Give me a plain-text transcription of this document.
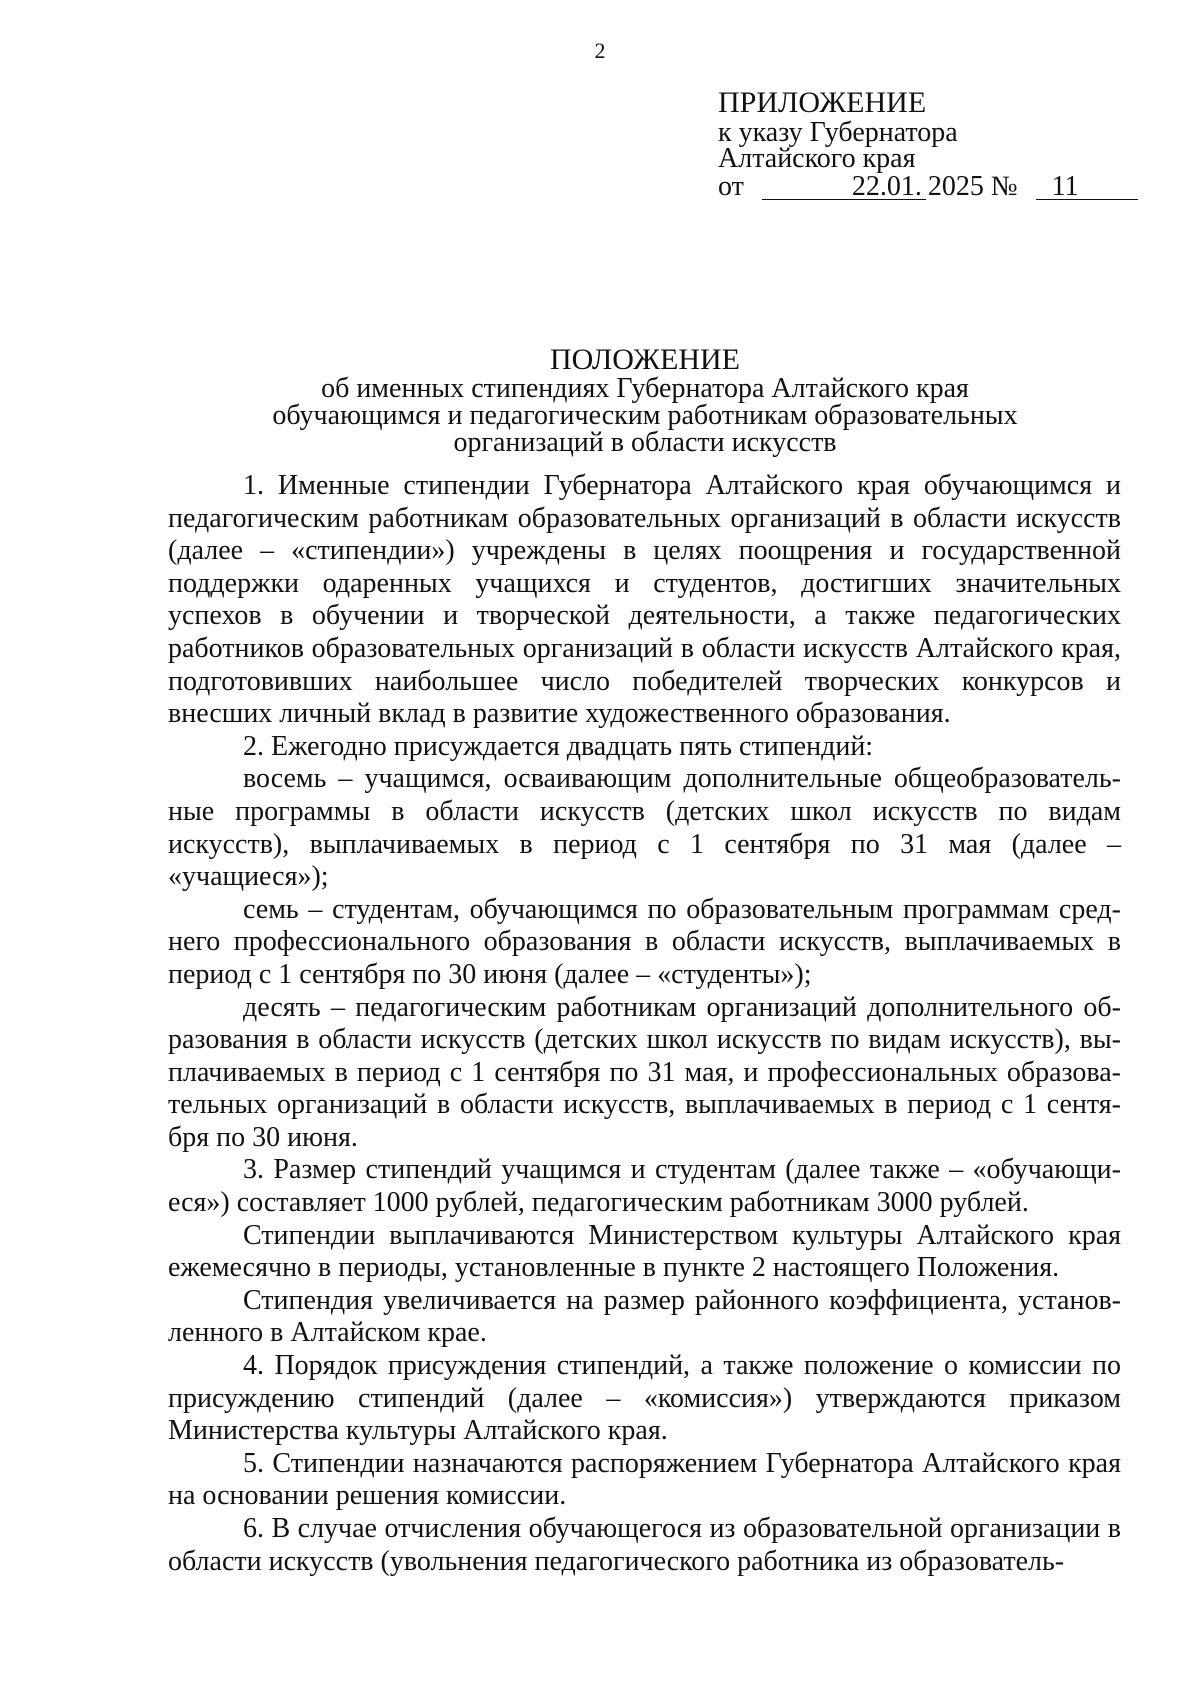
2
ПРИЛОЖЕНИЕ
к указу Губернатора
Алтайского края
от	22.01. 2025 №	11
ПОЛОЖЕНИЕ
об именных стипендиях Губернатора Алтайского края
обучающимся и педагогическим работникам образовательных
организаций в области искусств

1. Именные стипендии Губернатора Алтайского края обучающимся и педагогическим работникам образовательных организаций в области искусств (далее – «стипендии») учреждены в целях поощрения и государственной поддержки одаренных учащихся и студентов, достигших значительных успехов в обучении и творческой деятельности, а также педагогических работников образовательных организаций в области искусств Алтайского края, подготовивших наибольшее число победителей творческих конкурсов и внесших личный вклад в развитие художественного образования.

2. Ежегодно присуждается двадцать пять стипендий:

восемь – учащимся, осваивающим дополнительные общеобразовательные программы в области искусств (детских школ искусств по видам искусств), выплачиваемых в период с 1 сентября по 31 мая (далее – «учащиеся»);

семь – студентам, обучающимся по образовательным программам среднего профессионального образования в области искусств, выплачиваемых в период с 1 сентября по 30 июня (далее – «студенты»);

десять – педагогическим работникам организаций дополнительного образования в области искусств (детских школ искусств по видам искусств), выплачиваемых в период с 1 сентября по 31 мая, и профессиональных образовательных организаций в области искусств, выплачиваемых в период с 1 сентября по 30 июня.

3. Размер стипендий учащимся и студентам (далее также – «обучающиеся») составляет 1000 рублей, педагогическим работникам 3000 рублей.

Стипендии выплачиваются Министерством культуры Алтайского края ежемесячно в периоды, установленные в пункте 2 настоящего Положения.

Стипендия увеличивается на размер районного коэффициента, установленного в Алтайском крае.

4. Порядок присуждения стипендий, а также положение о комиссии по присуждению стипендий (далее – «комиссия») утверждаются приказом Министерства культуры Алтайского края.

5. Стипендии назначаются распоряжением Губернатора Алтайского края на основании решения комиссии.

6. В случае отчисления обучающегося из образовательной организации в области искусств (увольнения педагогического работника из образователь-
